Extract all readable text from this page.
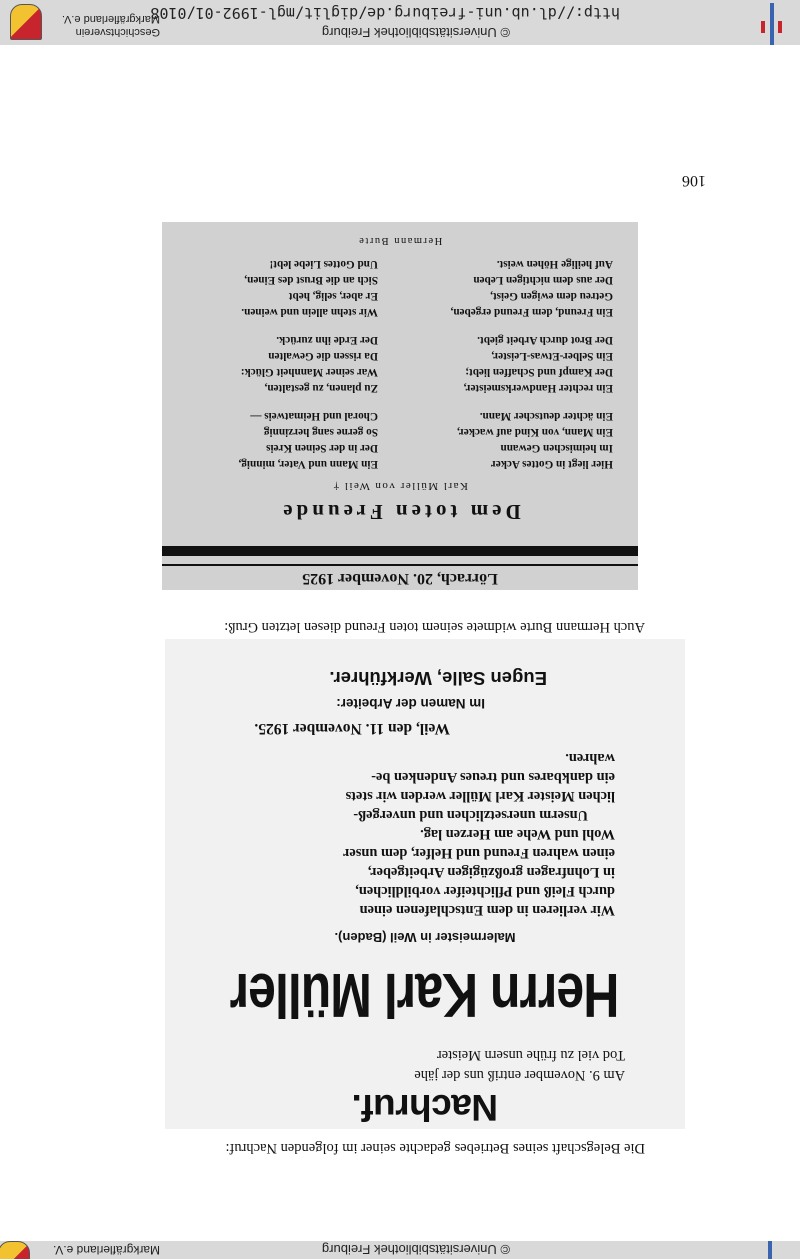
© Universitätsbibliothek Freiburg
Markgräflerland e.V.
Die Belegschaft seines Betriebes gedachte seiner im folgenden Nachruf:
Nachruf.
Am 9. November entriß uns der jähe
Tod viel zu frühe unsern Meister
Herrn Karl Müller
Malermeister in Weil (Baden).
Wir verlieren in dem Entschlafenen einen
durch Fleiß und Pflichteifer vorbildlichen,
in Lohnfragen großzügigen Arbeitgeber,
einen wahren Freund und Helfer, dem unser
Wohl und Wehe am Herzen lag.
Unserm unersetzlichen und unvergeß-
lichen Meister Karl Müller werden wir stets
ein dankbares und treues Andenken be-
wahren.
Weil, den 11. November 1925.
Im Namen der Arbeiter:
Eugen Salle, Werkführer.
Auch Hermann Burte widmete seinem toten Freund diesen letzten Gruß:
Lörrach, 20. November 1925
Dem toten Freunde
Karl Müller von Weil †
Hier liegt in Gottes Acker
Im heimischen Gewann
Ein Mann, von Kind auf wacker,
Ein ächter deutscher Mann.
Ein rechter Handwerksmeister,
Der Kampf und Schaffen liebt;
Ein Selber-Etwas-Leister,
Der Brot durch Arbeit giebt.
Ein Freund, dem Freund ergeben,
Getreu dem ewigen Geist,
Der aus dem nichtigen Leben
Auf heilige Höhen weist.
Ein Mann und Vater, minnig,
Der in der Seinen Kreis
So gerne sang herzinnig
Choral und Heimatweis —
Zu planen, zu gestalten,
War seiner Mannheit Glück:
Da rissen die Gewalten
Der Erde ihn zurück.
Wir stehn allein und weinen.
Er aber, selig, hebt
Sich an die Brust des Einen,
Und Gottes Liebe lebt!
Hermann Burte
106
© Universitätsbibliothek Freiburg
http://dl.ub.uni-freiburg.de/diglit/mgl-1992-01/0108
Geschichtsverein
Markgräflerland e.V.
